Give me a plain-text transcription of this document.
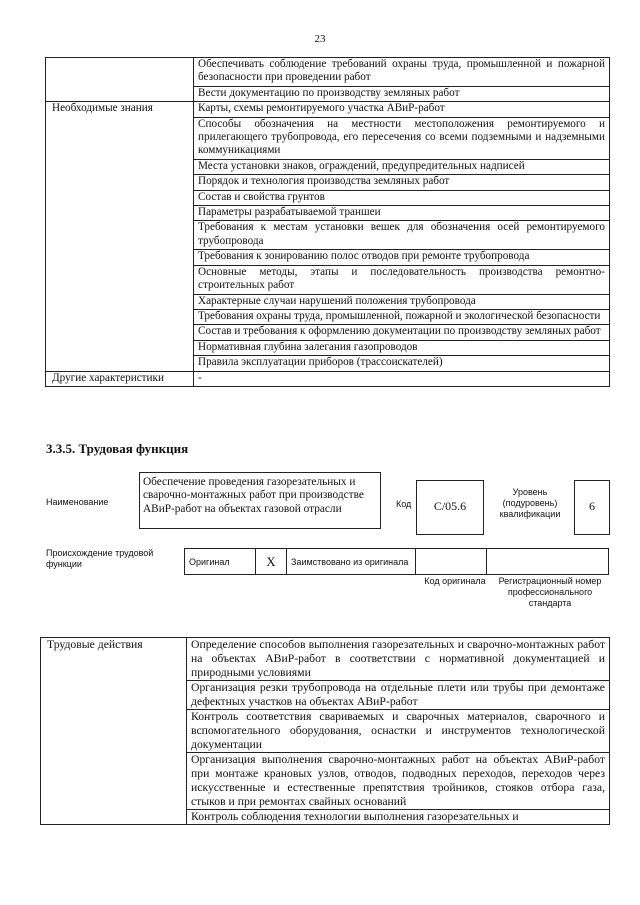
23
	Обеспечивать соблюдение требований охраны труда, промышленной и пожарной безопасности при проведении работ
	Вести документацию по производству земляных работ
Необходимые знания	Карты, схемы ремонтируемого участка АВиР-работ
	Способы обозначения на местности местоположения ремонтируемого и прилегающего трубопровода, его пересечения со всеми подземными и надземными коммуникациями
	Места установки знаков, ограждений, предупредительных надписей
	Порядок и технология производства земляных работ
	Состав и свойства грунтов
	Параметры разрабатываемой траншеи
	Требования к местам установки вешек для обозначения осей ремонтируемого трубопровода
	Требования к зонированию полос отводов при ремонте трубопровода
	Основные методы, этапы и последовательность производства ремонтно-строительных работ
	Характерные случаи нарушений положения трубопровода
	Требования охраны труда, промышленной, пожарной и экологической безопасности
	Состав и требования к оформлению документации по производству земляных работ
	Нормативная глубина залегания газопроводов
	Правила эксплуатации приборов (трассоискателей)
Другие характеристики	-
3.3.5. Трудовая функция
Наименование
Обеспечение проведения газорезательных и сварочно-монтажных работ при производстве АВиР-работ на объектах газовой отрасли	Код	C/05.6
Уровень (подуровень) квалификации
6
Происхождение трудовой функции	Оригинал	X	Заимствовано из оригинала		
Код оригинала	Регистрационный номер профессионального стандарта
Трудовые действия	Определение способов выполнения газорезательных и сварочно-монтажных работ на объектах АВиР-работ в соответствии с нормативной документацией и природными условиями
Организация резки трубопровода на отдельные плети или трубы при демонтаже дефектных участков на объектах АВиР-работ
Контроль соответствия свариваемых и сварочных материалов, сварочного и вспомогательного оборудования, оснастки и инструментов технологической документации
Организация выполнения сварочно-монтажных работ на объектах АВиР-работ при монтаже крановых узлов, отводов, подводных переходов, переходов через искусственные и естественные препятствия тройников, стояков отбора газа, стыков и при ремонтах свайных оснований
Контроль соблюдения технологии выполнения газорезательных и
